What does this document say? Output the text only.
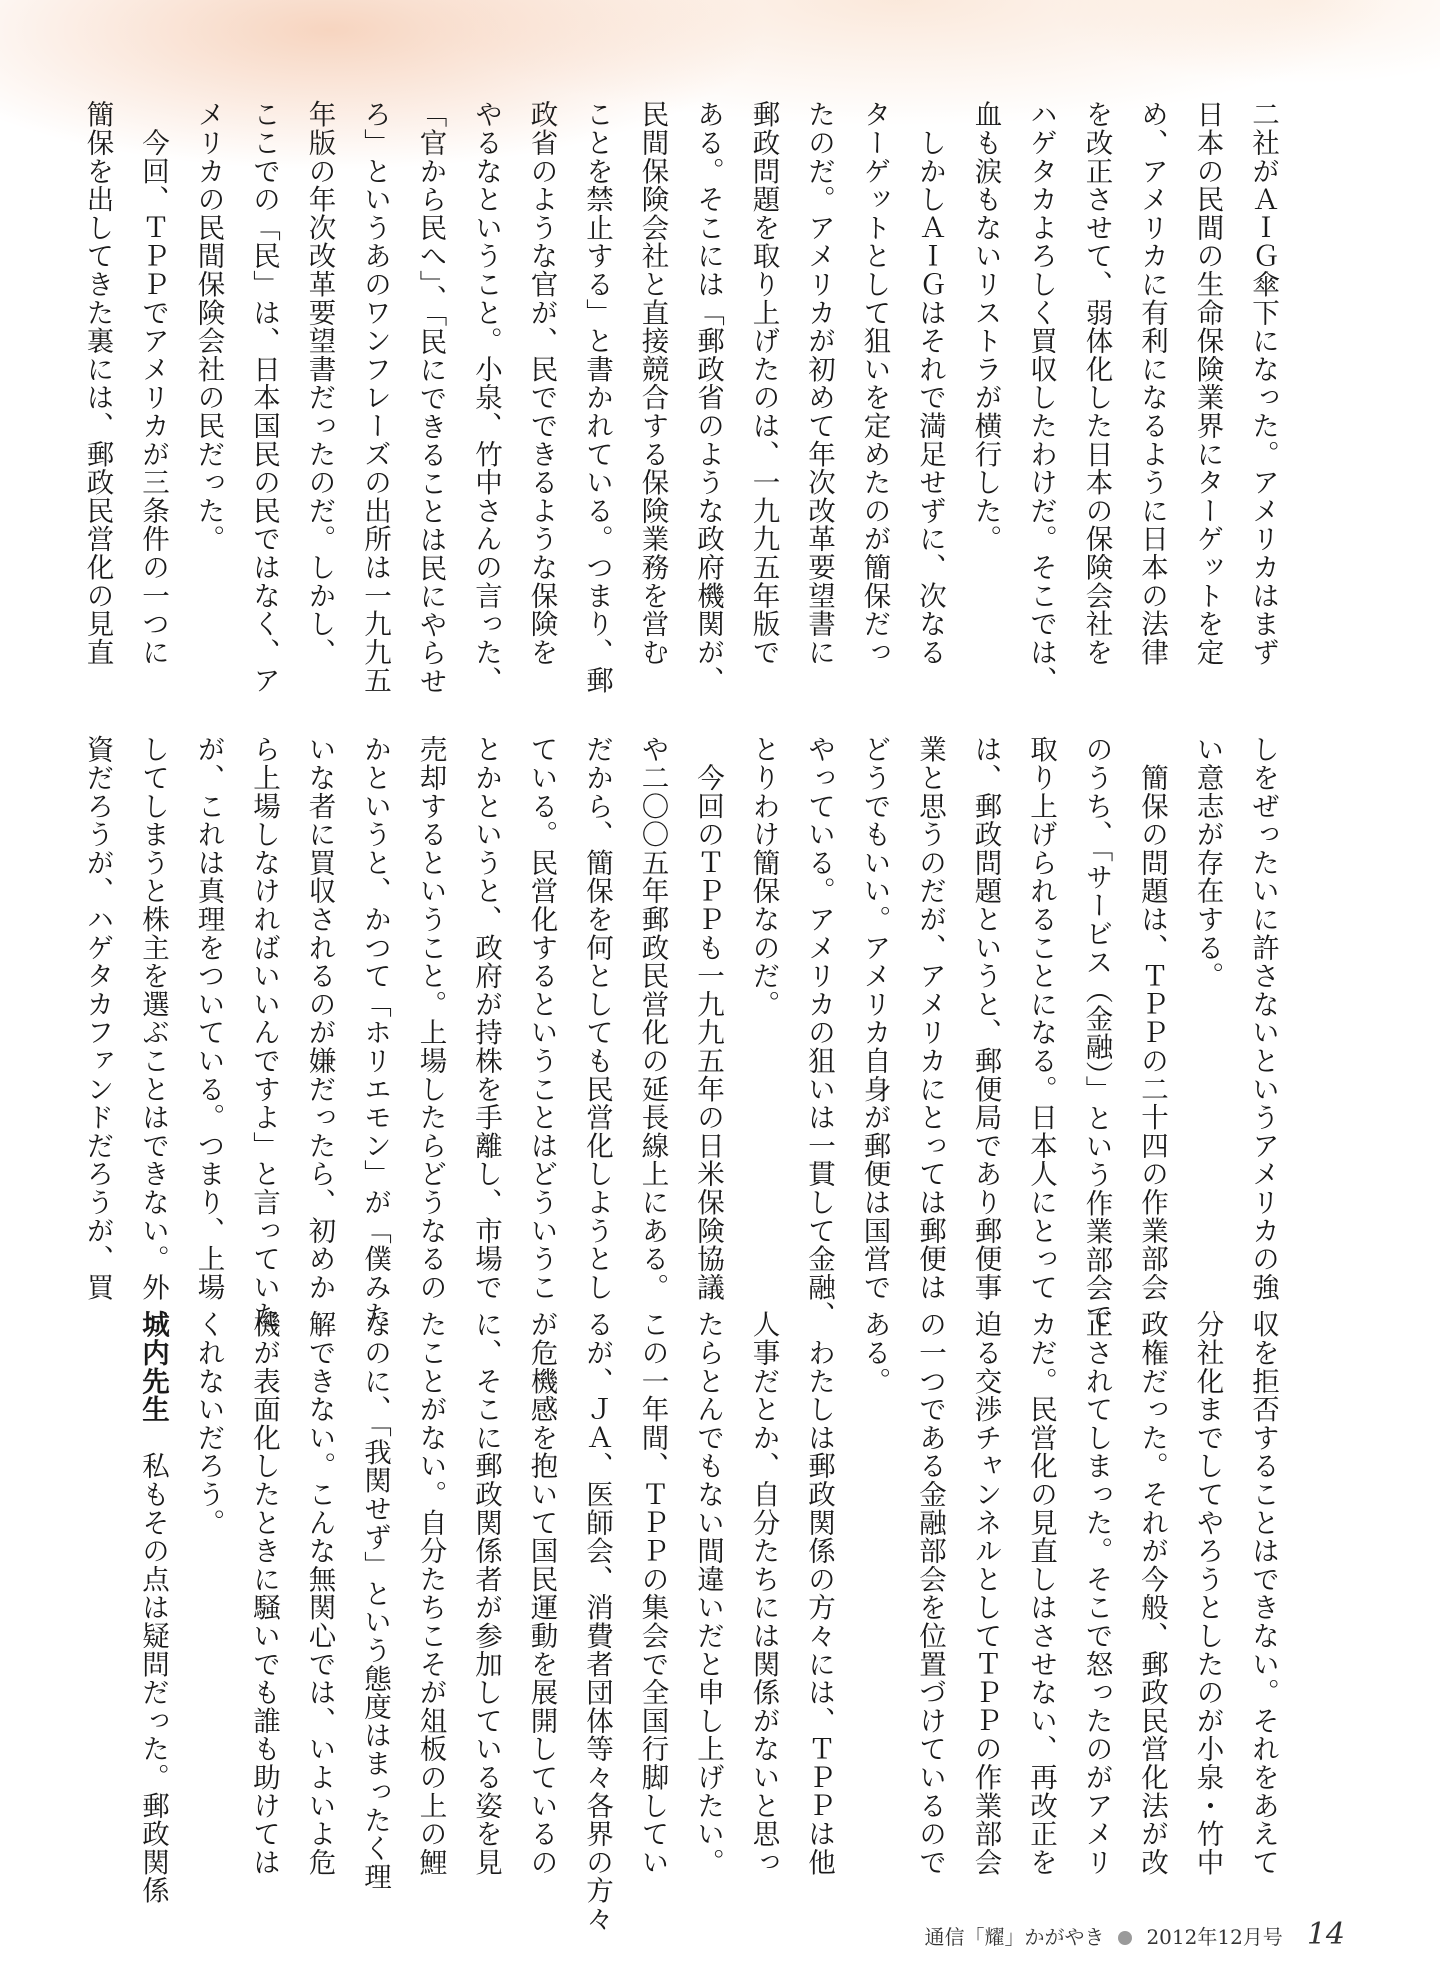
二社がＡＩＧ傘下になった。アメリカはまず

日本の民間の生命保険業界にターゲットを定

め、アメリカに有利になるように日本の法律

を改正させて、弱体化した日本の保険会社を

ハゲタカよろしく買収したわけだ。そこでは、

血も涙もないリストラが横行した。

　しかしＡＩＧはそれで満足せずに、次なる

ターゲットとして狙いを定めたのが簡保だっ

たのだ。アメリカが初めて年次改革要望書に

郵政問題を取り上げたのは、一九九五年版で

ある。そこには「郵政省のような政府機関が、

民間保険会社と直接競合する保険業務を営む

ことを禁止する」と書かれている。つまり、郵

政省のような官が、民でできるような保険を

やるなということ。小泉、竹中さんの言った、

「官から民へ」、「民にできることは民にやらせ

ろ」というあのワンフレーズの出所は一九九五

年版の年次改革要望書だったのだ。しかし、

ここでの「民」は、日本国民の民ではなく、ア

メリカの民間保険会社の民だった。

　今回、ＴＰＰでアメリカが三条件の一つに

簡保を出してきた裏には、郵政民営化の見直

しをぜったいに許さないというアメリカの強

い意志が存在する。

　簡保の問題は、ＴＰＰの二十四の作業部会

のうち、「サービス（金融）」という作業部会で

取り上げられることになる。日本人にとって

は、郵政問題というと、郵便局であり郵便事

業と思うのだが、アメリカにとっては郵便は

どうでもいい。アメリカ自身が郵便は国営で

やっている。アメリカの狙いは一貫して金融、

とりわけ簡保なのだ。

　今回のＴＰＰも一九九五年の日米保険協議

や二〇〇五年郵政民営化の延長線上にある。

だから、簡保を何としても民営化しようとし

ている。民営化するということはどういうこ

とかというと、政府が持株を手離し、市場で

売却するということ。上場したらどうなるの

かというと、かつて「ホリエモン」が「僕みた

いな者に買収されるのが嫌だったら、初めか

ら上場しなければいいんですよ」と言っていた

が、これは真理をついている。つまり、上場

してしまうと株主を選ぶことはできない。外

資だろうが、ハゲタカファンドだろうが、買

収を拒否することはできない。それをあえて

分社化までしてやろうとしたのが小泉・竹中

政権だった。それが今般、郵政民営化法が改

正されてしまった。そこで怒ったのがアメリ

カだ。民営化の見直しはさせない、再改正を

迫る交渉チャンネルとしてＴＰＰの作業部会

の一つである金融部会を位置づけているので

ある。

　わたしは郵政関係の方々には、ＴＰＰは他

人事だとか、自分たちには関係がないと思っ

たらとんでもない間違いだと申し上げたい。

この一年間、ＴＰＰの集会で全国行脚してい

るが、ＪＡ、医師会、消費者団体等々各界の方々

が危機感を抱いて国民運動を展開しているの

に、そこに郵政関係者が参加している姿を見

たことがない。自分たちこそが俎板の上の鯉

なのに、「我関せず」という態度はまったく理

解できない。こんな無関心では、いよいよ危

機が表面化したときに騒いでも誰も助けては

くれないだろう。

城内先生　私もその点は疑問だった。郵政関係

通信「耀」かがやき 2012年12月号 14
